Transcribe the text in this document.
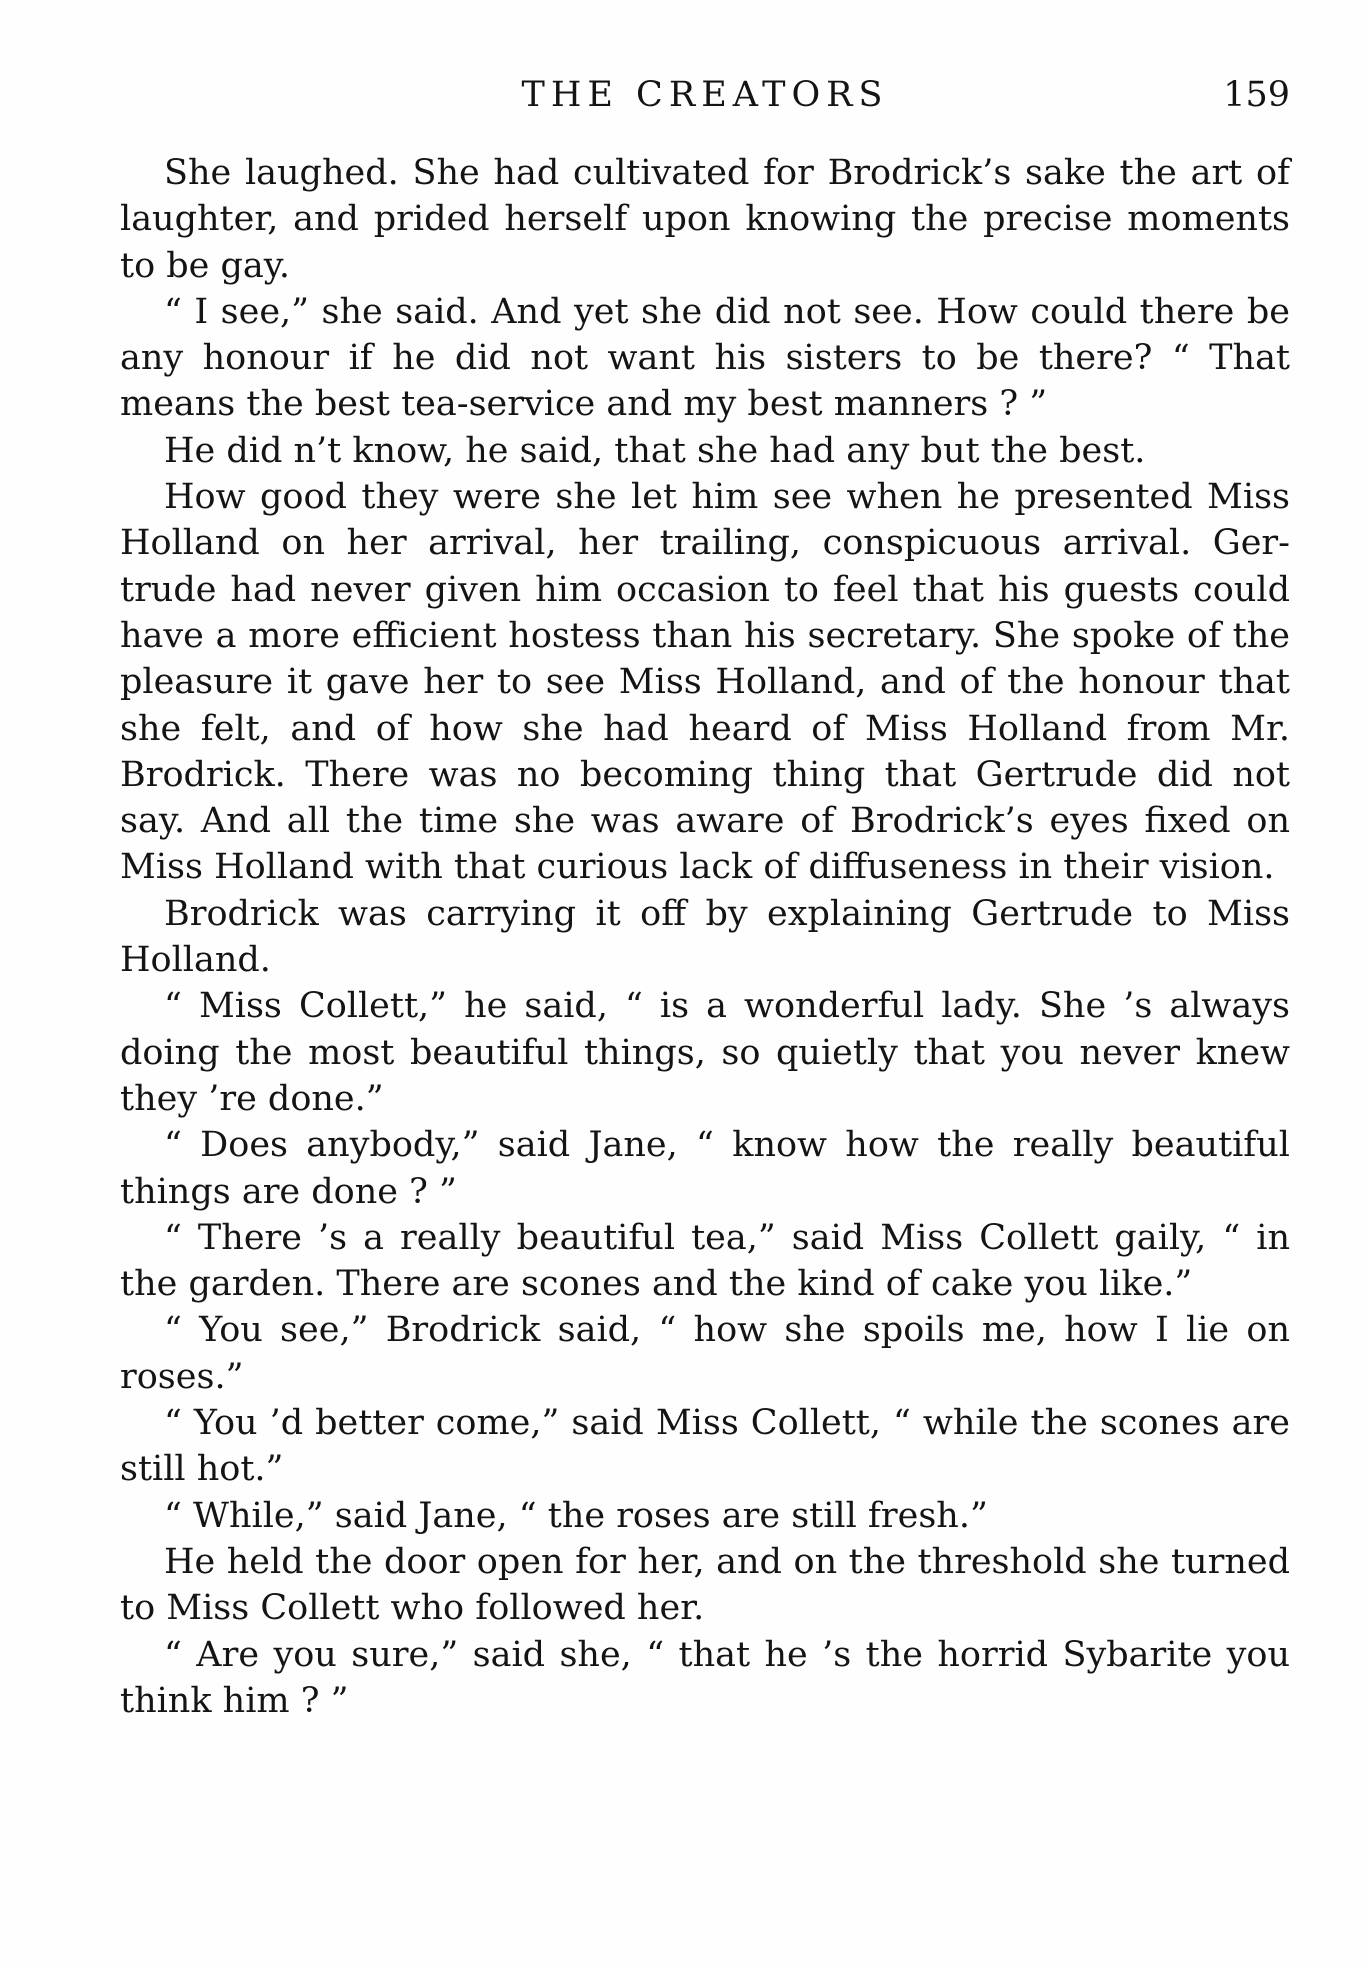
THE CREATORS	159

She laughed. She had cultivated for Brodrick’s sake the art of laughter, and prided herself upon knowing the precise moments to be gay.

“ I see,” she said. And yet she did not see. How could there be any honour if he did not want his sisters to be there? “ That means the best tea-service and my best manners ? ”

He did n’t know, he said, that she had any but the best.

How good they were she let him see when he presented Miss Holland on her arrival, her trailing, conspicuous arrival. Gertrude had never given him occasion to feel that his guests could have a more efficient hostess than his secretary. She spoke of the pleasure it gave her to see Miss Holland, and of the honour that she felt, and of how she had heard of Miss Holland from Mr. Brodrick. There was no becoming thing that Gertrude did not say. And all the time she was aware of Brodrick’s eyes fixed on Miss Holland with that curious lack of diffuseness in their vision.

Brodrick was carrying it off by explaining Gertrude to Miss Holland.

“ Miss Collett,” he said, “ is a wonderful lady. She ’s always doing the most beautiful things, so quietly that you never knew they ’re done.”

“ Does anybody,” said Jane, “ know how the really beautiful things are done ? ”

“ There ’s a really beautiful tea,” said Miss Collett gaily, “ in the garden. There are scones and the kind of cake you like.”

“ You see,” Brodrick said, “ how she spoils me, how I lie on roses.”

“ You ’d better come,” said Miss Collett, “ while the scones are still hot.”

“ While,” said Jane, “ the roses are still fresh.”

He held the door open for her, and on the threshold she turned to Miss Collett who followed her.

“ Are you sure,” said she, “ that he ’s the horrid Sybarite you think him ? ”
